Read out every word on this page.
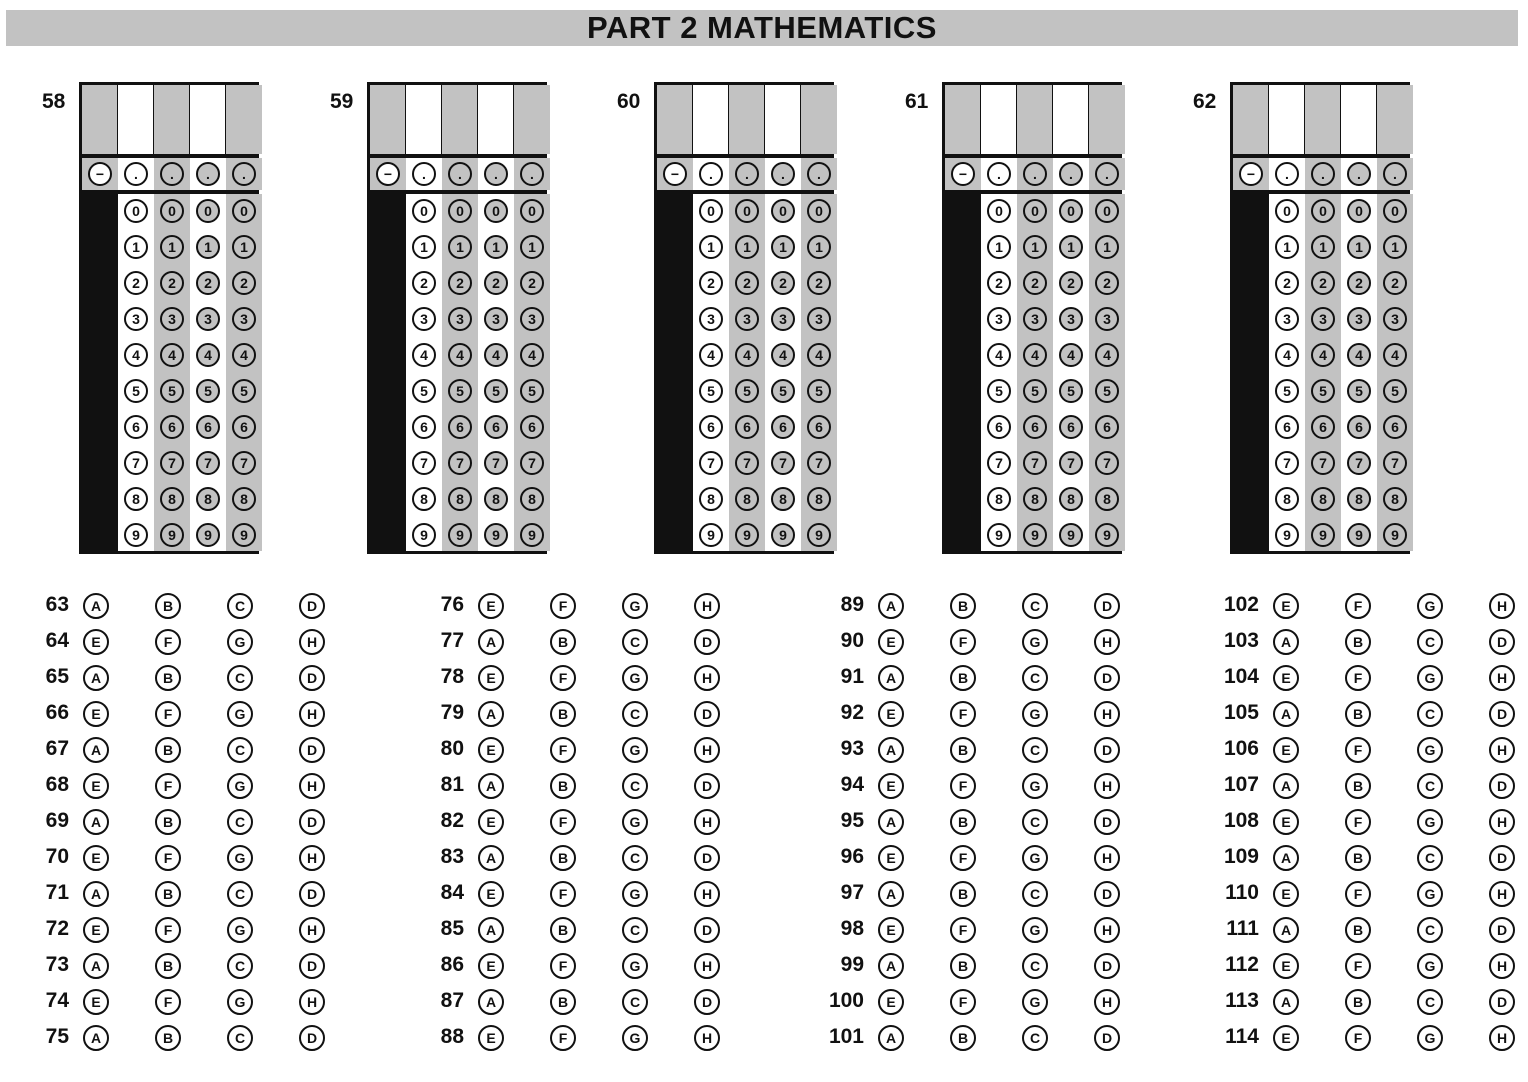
PART 2 MATHEMATICS
58
−	.	.	.	.
0	0	0	0
1	1	1	1
2	2	2	2
3	3	3	3
4	4	4	4
5	5	5	5
6	6	6	6
7	7	7	7
8	8	8	8
9	9	9	9
59
−	.	.	.	.
0	0	0	0
1	1	1	1
2	2	2	2
3	3	3	3
4	4	4	4
5	5	5	5
6	6	6	6
7	7	7	7
8	8	8	8
9	9	9	9
60
−	.	.	.	.
0	0	0	0
1	1	1	1
2	2	2	2
3	3	3	3
4	4	4	4
5	5	5	5
6	6	6	6
7	7	7	7
8	8	8	8
9	9	9	9
61
−	.	.	.	.
0	0	0	0
1	1	1	1
2	2	2	2
3	3	3	3
4	4	4	4
5	5	5	5
6	6	6	6
7	7	7	7
8	8	8	8
9	9	9	9
62
−	.	.	.	.
0	0	0	0
1	1	1	1
2	2	2	2
3	3	3	3
4	4	4	4
5	5	5	5
6	6	6	6
7	7	7	7
8	8	8	8
9	9	9	9
63	A	B	C	D
64	E	F	G	H
65	A	B	C	D
66	E	F	G	H
67	A	B	C	D
68	E	F	G	H
69	A	B	C	D
70	E	F	G	H
71	A	B	C	D
72	E	F	G	H
73	A	B	C	D
74	E	F	G	H
75	A	B	C	D
76	E	F	G	H
77	A	B	C	D
78	E	F	G	H
79	A	B	C	D
80	E	F	G	H
81	A	B	C	D
82	E	F	G	H
83	A	B	C	D
84	E	F	G	H
85	A	B	C	D
86	E	F	G	H
87	A	B	C	D
88	E	F	G	H
89	A	B	C	D
90	E	F	G	H
91	A	B	C	D
92	E	F	G	H
93	A	B	C	D
94	E	F	G	H
95	A	B	C	D
96	E	F	G	H
97	A	B	C	D
98	E	F	G	H
99	A	B	C	D
100	E	F	G	H
101	A	B	C	D
102	E	F	G	H
103	A	B	C	D
104	E	F	G	H
105	A	B	C	D
106	E	F	G	H
107	A	B	C	D
108	E	F	G	H
109	A	B	C	D
110	E	F	G	H
111	A	B	C	D
112	E	F	G	H
113	A	B	C	D
114	E	F	G	H
